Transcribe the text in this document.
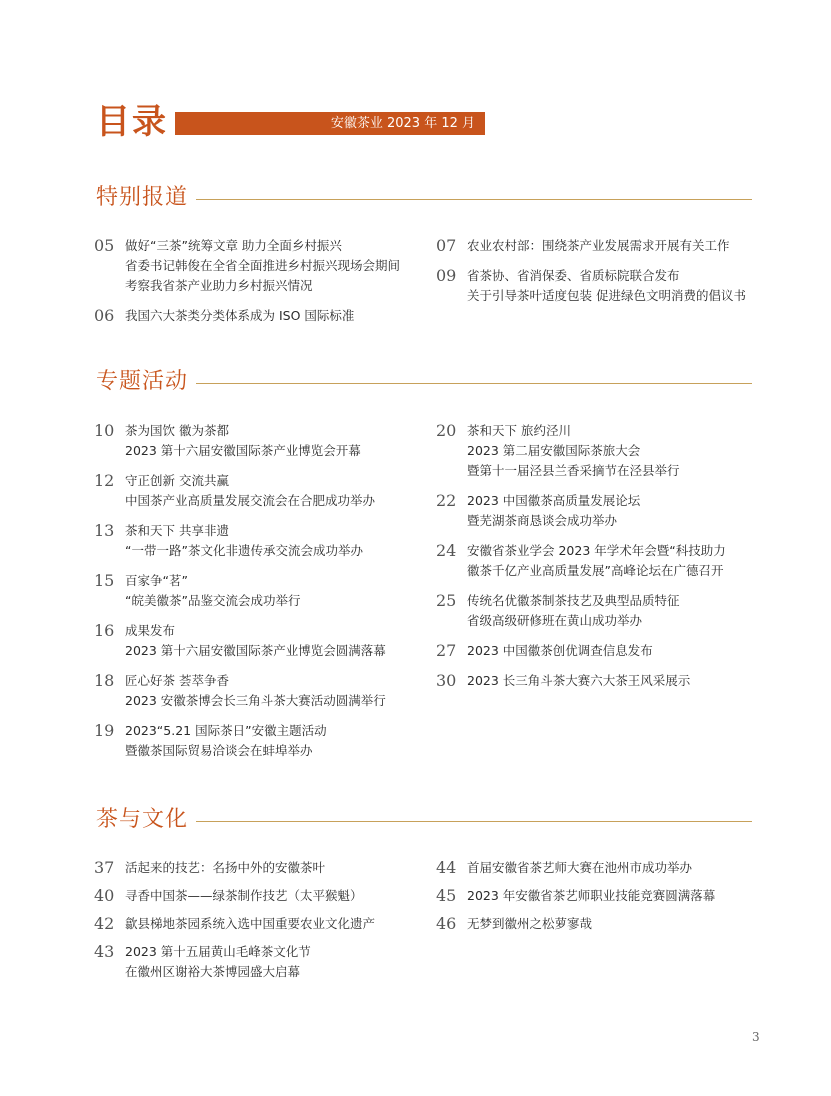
目录	安徽茶业 2023 年 12 月
特别报道
05 做好“三茶”统筹文章 助力全面乡村振兴
省委书记韩俊在全省全面推进乡村振兴现场会期间
考察我省茶产业助力乡村振兴情况
06 我国六大茶类分类体系成为 ISO 国际标准
07 农业农村部：围绕茶产业发展需求开展有关工作
09 省茶协、省消保委、省质标院联合发布
关于引导茶叶适度包装 促进绿色文明消费的倡议书
专题活动
10 茶为国饮 徽为茶都
2023 第十六届安徽国际茶产业博览会开幕
12 守正创新 交流共赢
中国茶产业高质量发展交流会在合肥成功举办
13 茶和天下 共享非遗
“一带一路”茶文化非遗传承交流会成功举办
15 百家争“茗”
“皖美徽茶”品鉴交流会成功举行
16 成果发布
2023 第十六届安徽国际茶产业博览会圆满落幕
18 匠心好茶 荟萃争香
2023 安徽茶博会长三角斗茶大赛活动圆满举行
19 2023“5.21 国际茶日”安徽主题活动
暨徽茶国际贸易洽谈会在蚌埠举办
20 茶和天下 旅约泾川
2023 第二届安徽国际茶旅大会
暨第十一届泾县兰香采摘节在泾县举行
22 2023 中国徽茶高质量发展论坛
暨芜湖茶商恳谈会成功举办
24 安徽省茶业学会 2023 年学术年会暨“科技助力
徽茶千亿产业高质量发展”高峰论坛在广德召开
25 传统名优徽茶制茶技艺及典型品质特征
省级高级研修班在黄山成功举办
27 2023 中国徽茶创优调查信息发布
30 2023 长三角斗茶大赛六大茶王风采展示
茶与文化
37 活起来的技艺：名扬中外的安徽茶叶
40 寻香中国茶——绿茶制作技艺（太平猴魁）
42 歙县梯地茶园系统入选中国重要农业文化遗产
43 2023 第十五届黄山毛峰茶文化节
在徽州区谢裕大茶博园盛大启幕
44 首届安徽省茶艺师大赛在池州市成功举办
45 2023 年安徽省茶艺师职业技能竞赛圆满落幕
46 无梦到徽州之松萝寥哉
3
